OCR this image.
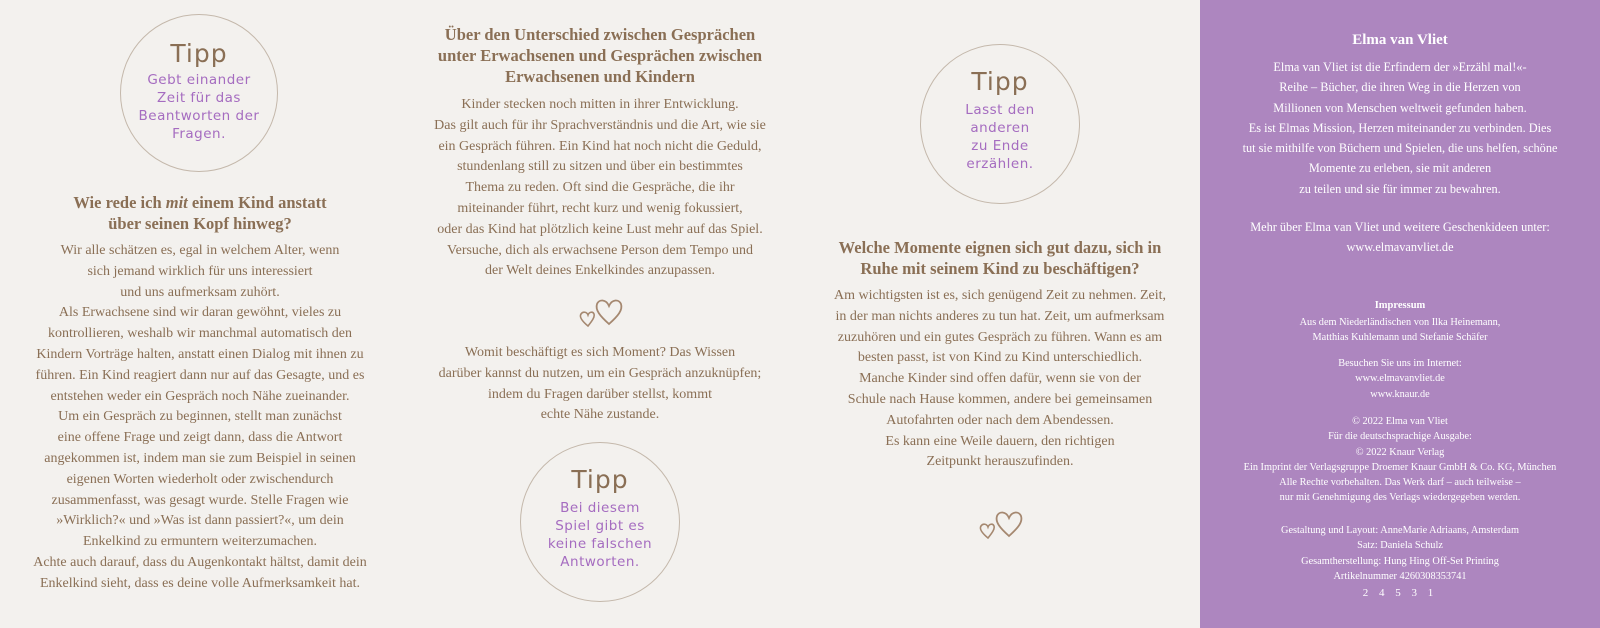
Tipp
Gebt einander
Zeit für das
Beantworten der
Fragen.
Wie rede ich mit einem Kind anstatt
über seinen Kopf hinweg?
Wir alle schätzen es, egal in welchem Alter, wenn
sich jemand wirklich für uns interessiert
und uns aufmerksam zuhört.
Als Erwachsene sind wir daran gewöhnt, vieles zu
kontrollieren, weshalb wir manchmal automatisch den
Kindern Vorträge halten, anstatt einen Dialog mit ihnen zu
führen. Ein Kind reagiert dann nur auf das Gesagte, und es
entstehen weder ein Gespräch noch Nähe zueinander.
Um ein Gespräch zu beginnen, stellt man zunächst
eine offene Frage und zeigt dann, dass die Antwort
angekommen ist, indem man sie zum Beispiel in seinen
eigenen Worten wiederholt oder zwischendurch
zusammenfasst, was gesagt wurde. Stelle Fragen wie
»Wirklich?« und »Was ist dann passiert?«, um dein
Enkelkind zu ermuntern weiterzumachen.
Achte auch darauf, dass du Augenkontakt hältst, damit dein
Enkelkind sieht, dass es deine volle Aufmerksamkeit hat.
Über den Unterschied zwischen Gesprächen
unter Erwachsenen und Gesprächen zwischen
Erwachsenen und Kindern
Kinder stecken noch mitten in ihrer Entwicklung.
Das gilt auch für ihr Sprachverständnis und die Art, wie sie
ein Gespräch führen. Ein Kind hat noch nicht die Geduld,
stundenlang still zu sitzen und über ein bestimmtes
Thema zu reden. Oft sind die Gespräche, die ihr
miteinander führt, recht kurz und wenig fokussiert,
oder das Kind hat plötzlich keine Lust mehr auf das Spiel.
Versuche, dich als erwachsene Person dem Tempo und
der Welt deines Enkelkindes anzupassen.
Womit beschäftigt es sich Moment? Das Wissen
darüber kannst du nutzen, um ein Gespräch anzuknüpfen;
indem du Fragen darüber stellst, kommt
echte Nähe zustande.
Tipp
Bei diesem
Spiel gibt es
keine falschen
Antworten.
Tipp
Lasst den
anderen
zu Ende
erzählen.
Welche Momente eignen sich gut dazu, sich in
Ruhe mit seinem Kind zu beschäftigen?
Am wichtigsten ist es, sich genügend Zeit zu nehmen. Zeit,
in der man nichts anderes zu tun hat. Zeit, um aufmerksam
zuzuhören und ein gutes Gespräch zu führen. Wann es am
besten passt, ist von Kind zu Kind unterschiedlich.
Manche Kinder sind offen dafür, wenn sie von der
Schule nach Hause kommen, andere bei gemeinsamen
Autofahrten oder nach dem Abendessen.
Es kann eine Weile dauern, den richtigen
Zeitpunkt herauszufinden.
Elma van Vliet
Elma van Vliet ist die Erfindern der »Erzähl mal!«-
Reihe – Bücher, die ihren Weg in die Herzen von
Millionen von Menschen weltweit gefunden haben.
Es ist Elmas Mission, Herzen miteinander zu verbinden. Dies
tut sie mithilfe von Büchern und Spielen, die uns helfen, schöne
Momente zu erleben, sie mit anderen
zu teilen und sie für immer zu bewahren.
Mehr über Elma van Vliet und weitere Geschenkideen unter:
www.elmavanvliet.de
Impressum
Aus dem Niederländischen von Ilka Heinemann,
Matthias Kuhlemann und Stefanie Schäfer
Besuchen Sie uns im Internet:
www.elmavanvliet.de
www.knaur.de
© 2022 Elma van Vliet
Für die deutschsprachige Ausgabe:
© 2022 Knaur Verlag
Ein Imprint der Verlagsgruppe Droemer Knaur GmbH & Co. KG, München
Alle Rechte vorbehalten. Das Werk darf – auch teilweise –
nur mit Genehmigung des Verlags wiedergegeben werden.
Gestaltung und Layout: AnneMarie Adriaans, Amsterdam
Satz: Daniela Schulz
Gesamtherstellung: Hung Hing Off-Set Printing
Artikelnummer 4260308353741
2 4 5 3 1
